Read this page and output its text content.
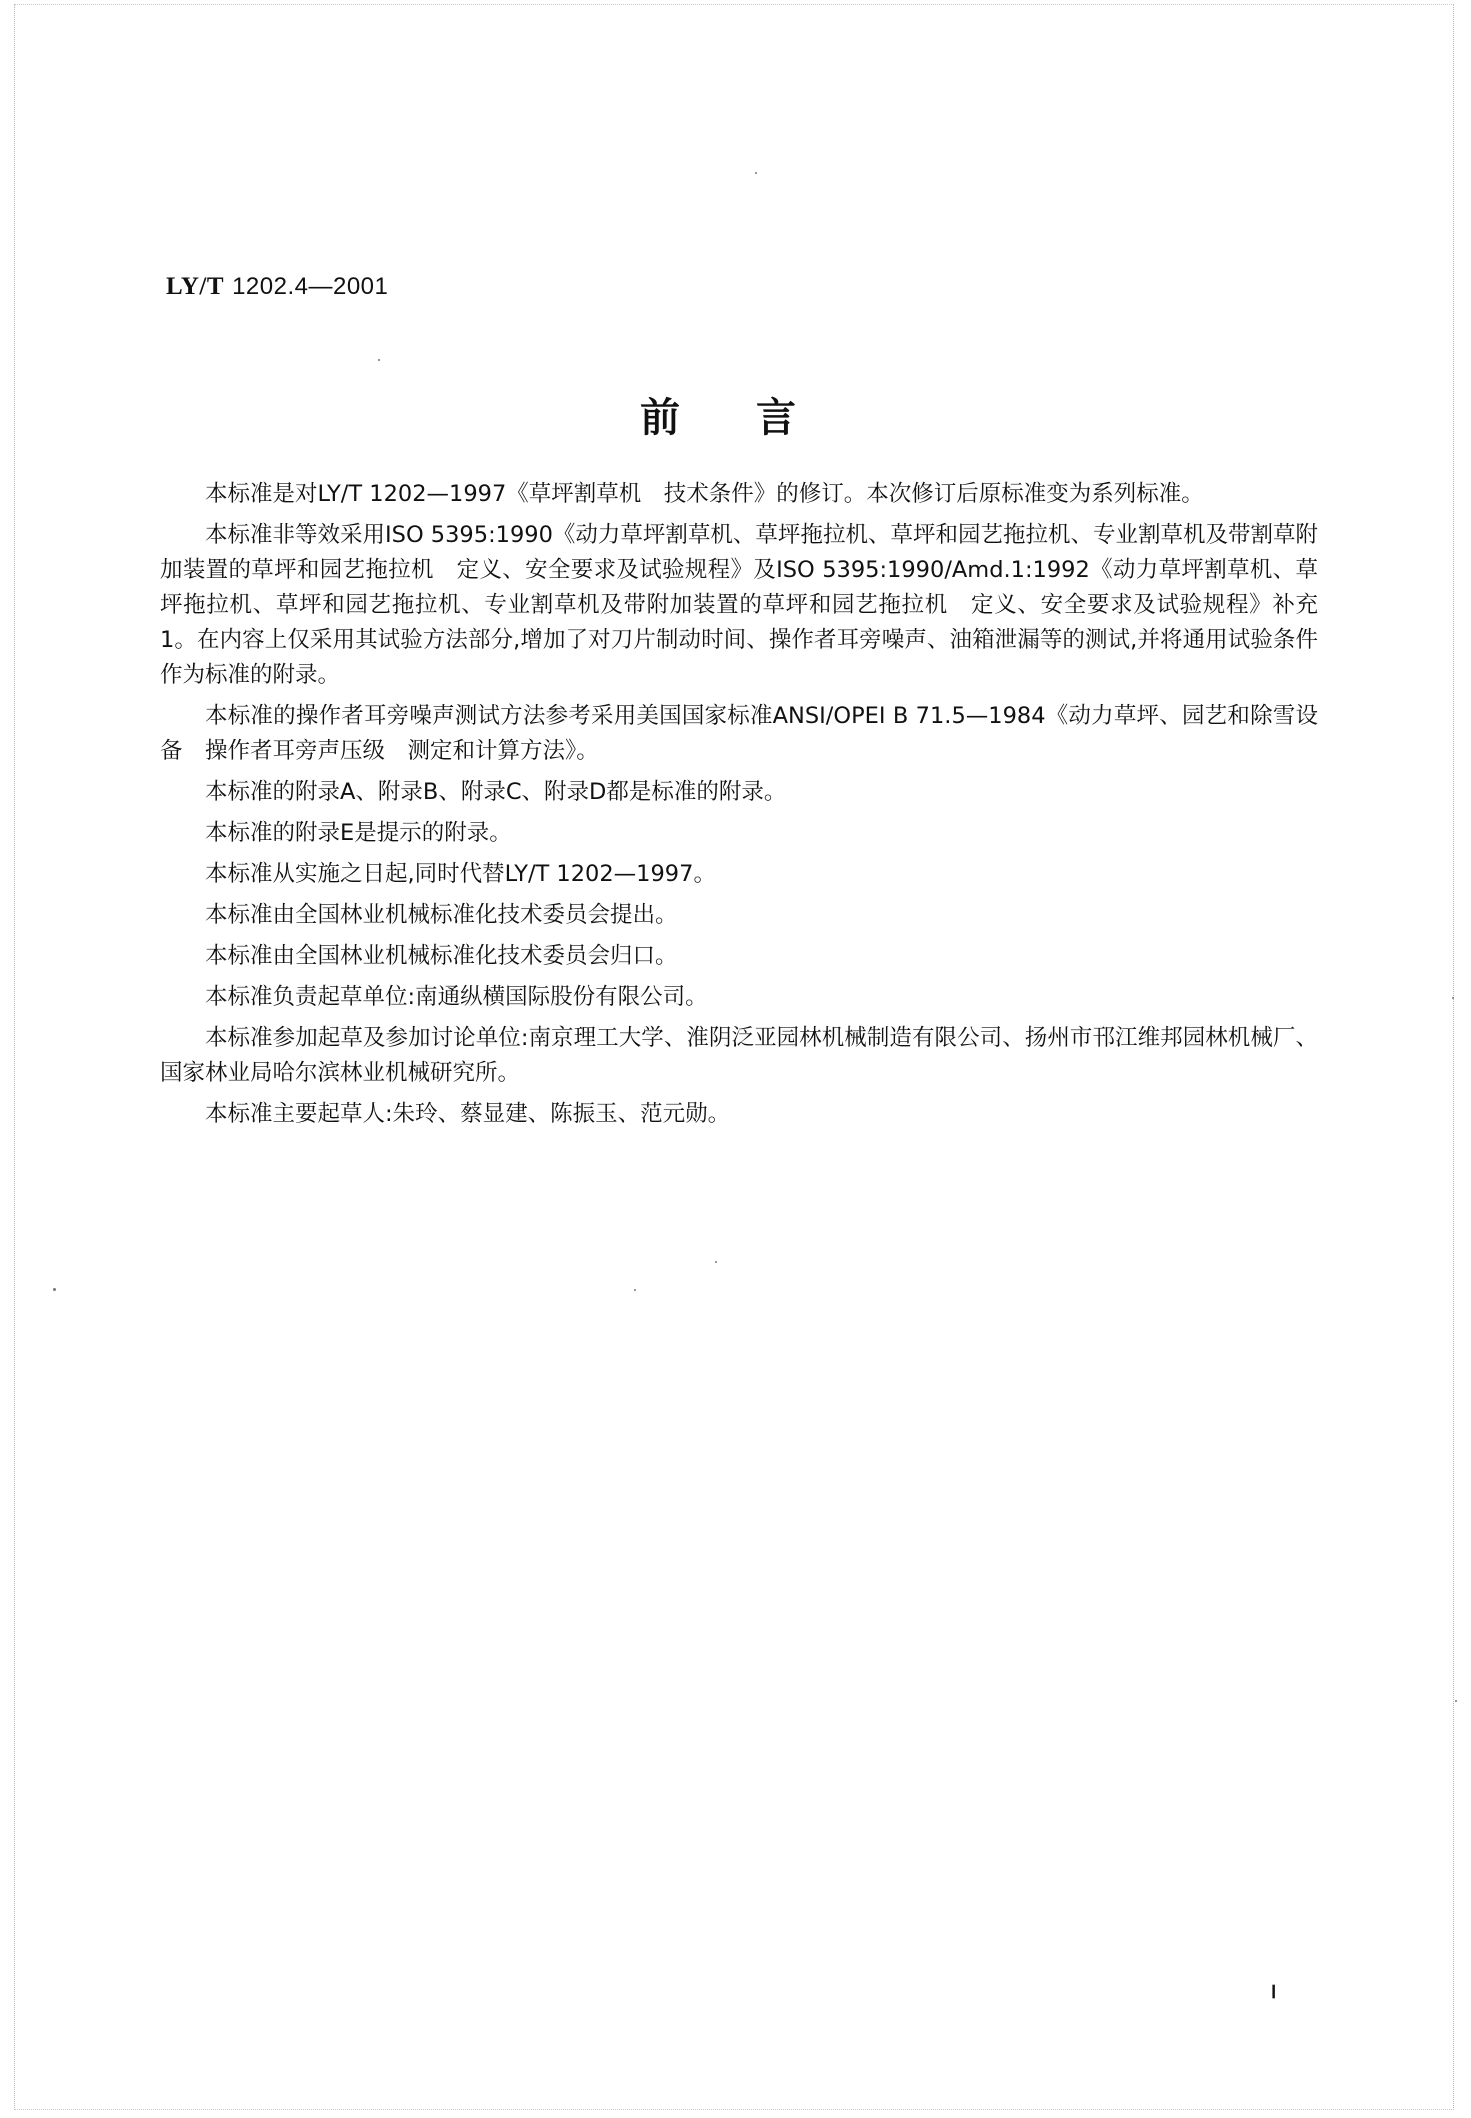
LY/T 1202.4—2001
前言

本标准是对LY/T 1202—1997《草坪割草机　技术条件》的修订。本次修订后原标准变为系列标准。

本标准非等效采用ISO 5395:1990《动力草坪割草机、草坪拖拉机、草坪和园艺拖拉机、专业割草机及带割草附加装置的草坪和园艺拖拉机　定义、安全要求及试验规程》及ISO 5395:1990/Amd.1:1992《动力草坪割草机、草坪拖拉机、草坪和园艺拖拉机、专业割草机及带附加装置的草坪和园艺拖拉机　定义、安全要求及试验规程》补充1。在内容上仅采用其试验方法部分,增加了对刀片制动时间、操作者耳旁噪声、油箱泄漏等的测试,并将通用试验条件作为标准的附录。

本标准的操作者耳旁噪声测试方法参考采用美国国家标准ANSI/OPEI B 71.5—1984《动力草坪、园艺和除雪设备　操作者耳旁声压级　测定和计算方法》。

本标准的附录A、附录B、附录C、附录D都是标准的附录。

本标准的附录E是提示的附录。

本标准从实施之日起,同时代替LY/T 1202—1997。

本标准由全国林业机械标准化技术委员会提出。

本标准由全国林业机械标准化技术委员会归口。

本标准负责起草单位:南通纵横国际股份有限公司。

本标准参加起草及参加讨论单位:南京理工大学、淮阴泛亚园林机械制造有限公司、扬州市邗江维邦园林机械厂、国家林业局哈尔滨林业机械研究所。

本标准主要起草人:朱玲、蔡显建、陈振玉、范元勋。

Ⅰ
